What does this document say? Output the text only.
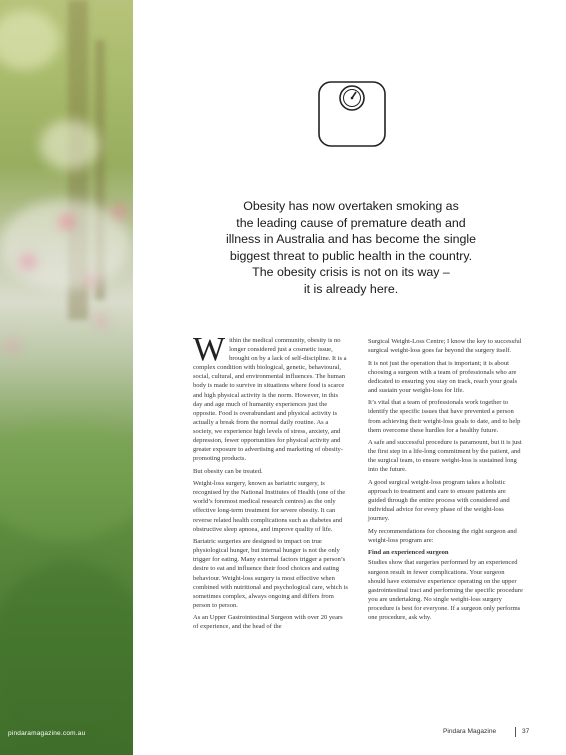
pindaramagazine.com.au

Obesity has now overtaken smoking as

the leading cause of premature death and

illness in Australia and has become the single

biggest threat to public health in the country.

The obesity crisis is not on its way –

it is already here.

Within the medical community, obesity is no longer considered just a cosmetic issue, brought on by a lack of self-discipline. It is a complex condition with biological, genetic, behavioural, social, cultural, and environmental influences. The human body is made to survive in situations where food is scarce and high physical activity is the norm. However, in this day and age much of humanity experiences just the opposite. Food is overabundant and physical activity is actually a break from the normal daily routine. As a society, we experience high levels of stress, anxiety, and depression, fewer opportunities for physical activity and greater exposure to advertising and marketing of obesity-promoting products.

But obesity can be treated.

Weight-loss surgery, known as bariatric surgery, is recognised by the National Institutes of Health (one of the world’s foremost medical research centres) as the only effective long-term treatment for severe obesity. It can reverse related health complications such as diabetes and obstructive sleep apnoea, and improve quality of life.

Bariatric surgeries are designed to impact on true physiological hunger, but internal hunger is not the only trigger for eating. Many external factors trigger a person’s desire to eat and influence their food choices and eating behaviour. Weight-loss surgery is most effective when combined with nutritional and psychological care, which is sometimes complex, always ongoing and differs from person to person.

As an Upper Gastrointestinal Surgeon with over 20 years of experience, and the head of the

Surgical Weight-Loss Centre; I know the key to successful surgical weight-loss goes far beyond the surgery itself.

It is not just the operation that is important; it is about choosing a surgeon with a team of professionals who are dedicated to ensuring you stay on track, reach your goals and sustain your weight-loss for life.

It’s vital that a team of professionals work together to identify the specific issues that have prevented a person from achieving their weight-loss goals to date, and to help them overcome these hurdles for a healthy future.

A safe and successful procedure is paramount, but it is just the first step in a life-long commitment by the patient, and the surgical team, to ensure weight-loss is sustained long into the future.

A good surgical weight-loss program takes a holistic approach to treatment and care to ensure patients are guided through the entire process with considered and individual advice for every phase of the weight-loss journey.

My recommendations for choosing the right surgeon and weight-loss program are:

Find an experienced surgeon

Studies show that surgeries performed by an experienced surgeon result in fewer complications. Your surgeon should have extensive experience operating on the upper gastrointestinal tract and performing the specific procedure you are undertaking. No single weight-loss surgery procedure is best for everyone. If a surgeon only performs one procedure, ask why.

Pindara Magazine	37
